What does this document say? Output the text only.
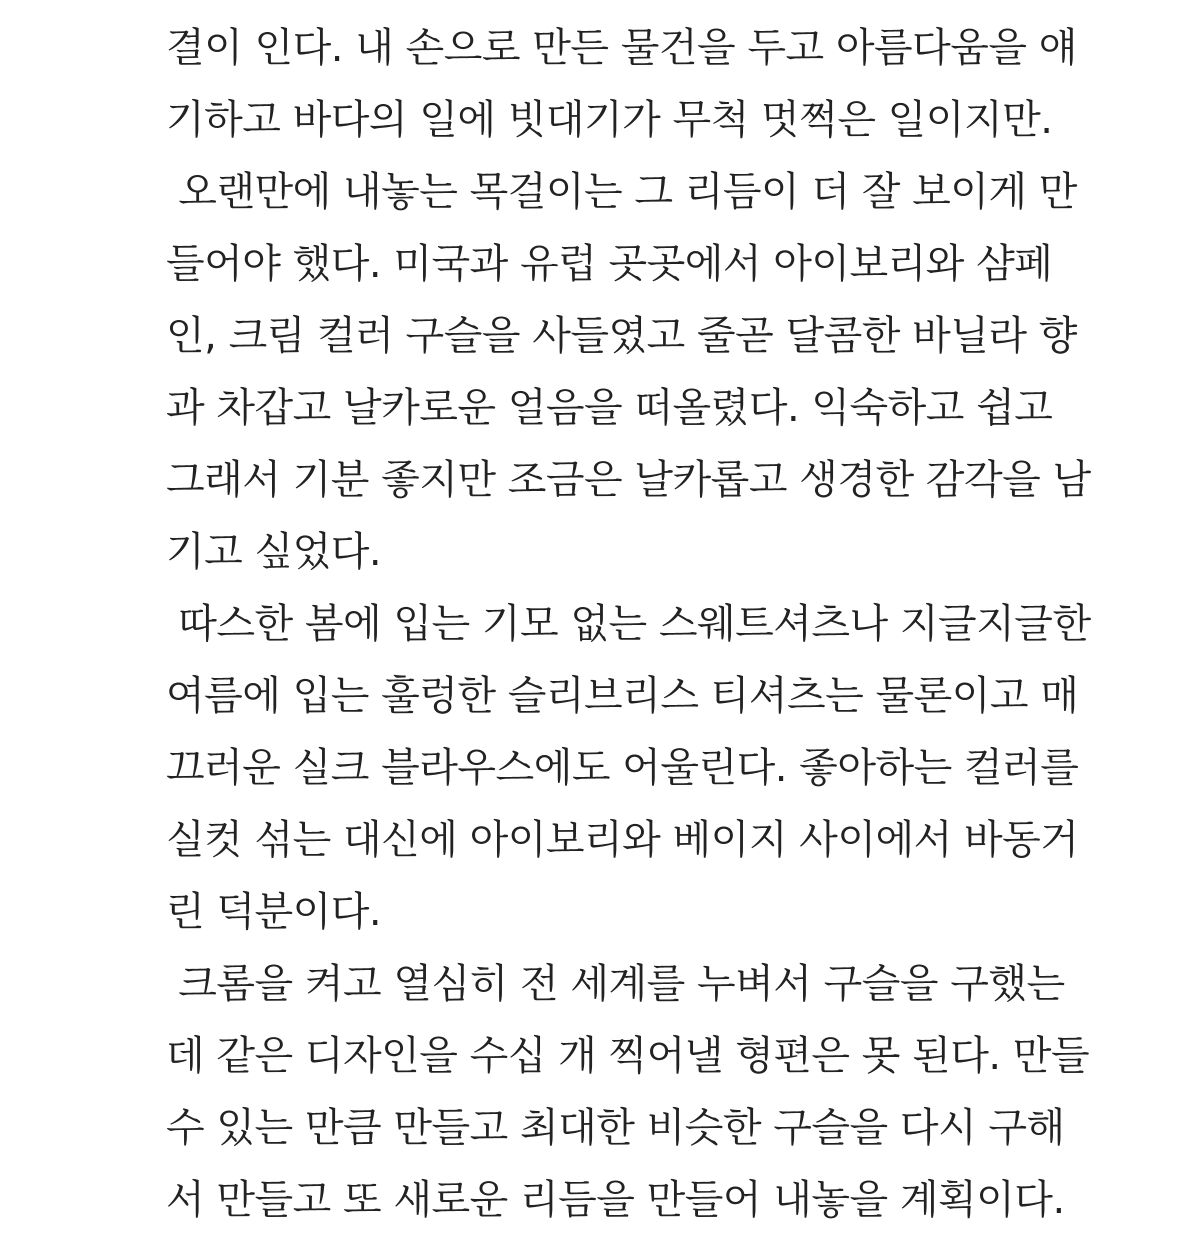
결이 인다. 내 손으로 만든 물건을 두고 아름다움을 얘
기하고 바다의 일에 빗대기가 무척 멋쩍은 일이지만.
오랜만에 내놓는 목걸이는 그 리듬이 더 잘 보이게 만
들어야 했다. 미국과 유럽 곳곳에서 아이보리와 샴페
인, 크림 컬러 구슬을 사들였고 줄곧 달콤한 바닐라 향
과 차갑고 날카로운 얼음을 떠올렸다. 익숙하고 쉽고
그래서 기분 좋지만 조금은 날카롭고 생경한 감각을 남
기고 싶었다.
따스한 봄에 입는 기모 없는 스웨트셔츠나 지글지글한
여름에 입는 훌렁한 슬리브리스 티셔츠는 물론이고 매
끄러운 실크 블라우스에도 어울린다. 좋아하는 컬러를
실컷 섞는 대신에 아이보리와 베이지 사이에서 바동거
린 덕분이다.
크롬을 켜고 열심히 전 세계를 누벼서 구슬을 구했는
데 같은 디자인을 수십 개 찍어낼 형편은 못 된다. 만들
수 있는 만큼 만들고 최대한 비슷한 구슬을 다시 구해
서 만들고 또 새로운 리듬을 만들어 내놓을 계획이다.
